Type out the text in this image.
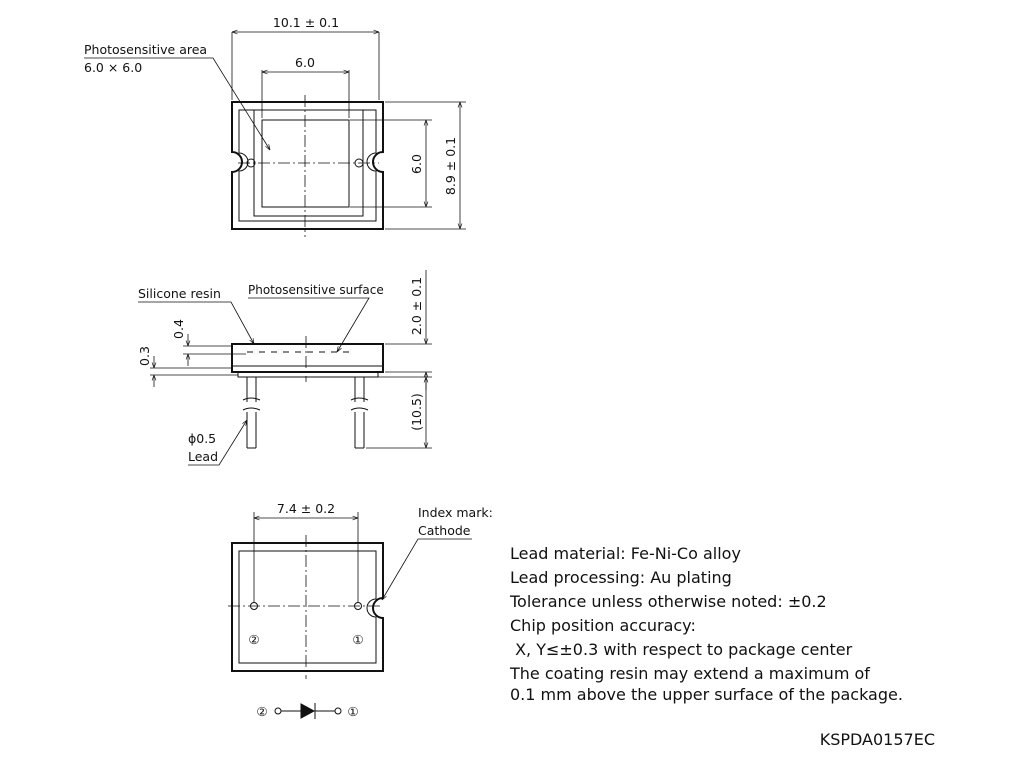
10.1 ± 0.1
6.0
Photosensitive area
6.0 × 6.0
6.0 8.9 ± 0.1
Silicone resin Photosensitive surface
0.4
0.3
2.0 ± 0.1
(10.5)
ϕ0.5
Lead
7.4 ± 0.2
②	①
Index mark:
Cathode
②	①
Lead material: Fe-Ni-Co alloy
Lead processing: Au plating
Tolerance unless otherwise noted: ±0.2
Chip position accuracy:
X, Y≤±0.3 with respect to package center
The coating resin may extend a maximum of
0.1 mm above the upper surface of the package.
KSPDA0157EC
